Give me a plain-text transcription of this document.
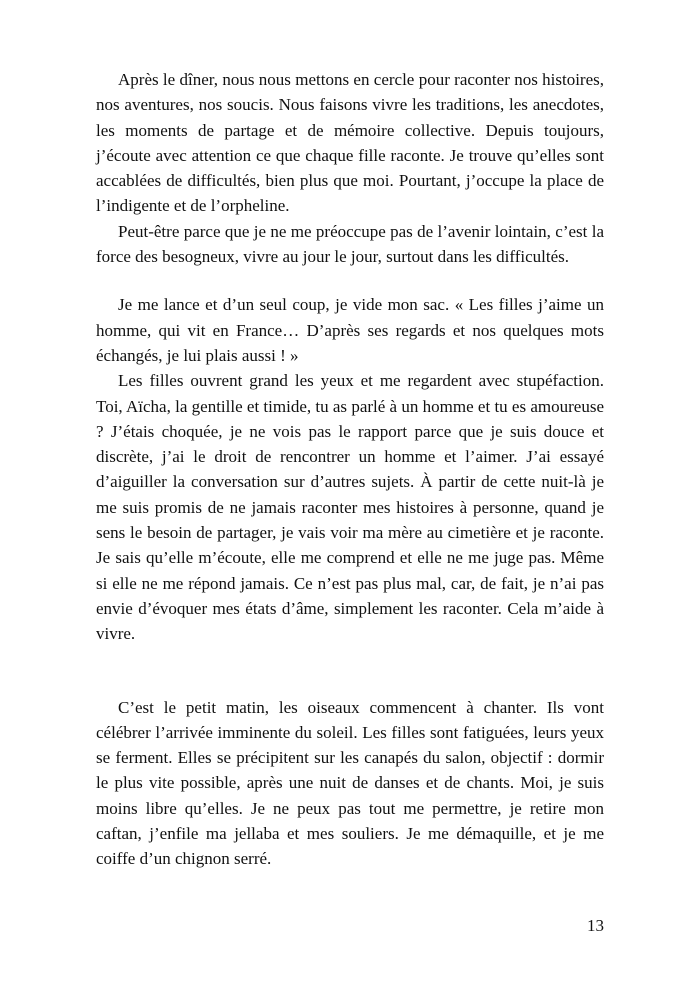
Après le dîner, nous nous mettons en cercle pour raconter nos histoires, nos aventures, nos soucis. Nous faisons vivre les traditions, les anecdotes, les moments de partage et de mémoire collective. Depuis toujours, j’écoute avec attention ce que chaque fille raconte. Je trouve qu’elles sont accablées de difficultés, bien plus que moi. Pourtant, j’occupe la place de l’indigente et de l’orpheline.

Peut-être parce que je ne me préoccupe pas de l’avenir lointain, c’est la force des besogneux, vivre au jour le jour, surtout dans les difficultés.

Je me lance et d’un seul coup, je vide mon sac. « Les filles j’aime un homme, qui vit en France… D’après ses regards et nos quelques mots échangés, je lui plais aussi ! »

Les filles ouvrent grand les yeux et me regardent avec stupéfaction. Toi, Aïcha, la gentille et timide, tu as parlé à un homme et tu es amoureuse ? J’étais choquée, je ne vois pas le rapport parce que je suis douce et discrète, j’ai le droit de rencontrer un homme et l’aimer. J’ai essayé d’aiguiller la conversation sur d’autres sujets. À partir de cette nuit-là je me suis promis de ne jamais raconter mes histoires à personne, quand je sens le besoin de partager, je vais voir ma mère au cimetière et je raconte. Je sais qu’elle m’écoute, elle me comprend et elle ne me juge pas. Même si elle ne me répond jamais. Ce n’est pas plus mal, car, de fait, je n’ai pas envie d’évoquer mes états d’âme, simplement les raconter. Cela m’aide à vivre.

C’est le petit matin, les oiseaux commencent à chanter. Ils vont célébrer l’arrivée imminente du soleil. Les filles sont fatiguées, leurs yeux se ferment. Elles se précipitent sur les canapés du salon, objectif : dormir le plus vite possible, après une nuit de danses et de chants. Moi, je suis moins libre qu’elles. Je ne peux pas tout me permettre, je retire mon caftan, j’enfile ma jellaba et mes souliers. Je me démaquille, et je me coiffe d’un chignon serré.

13
